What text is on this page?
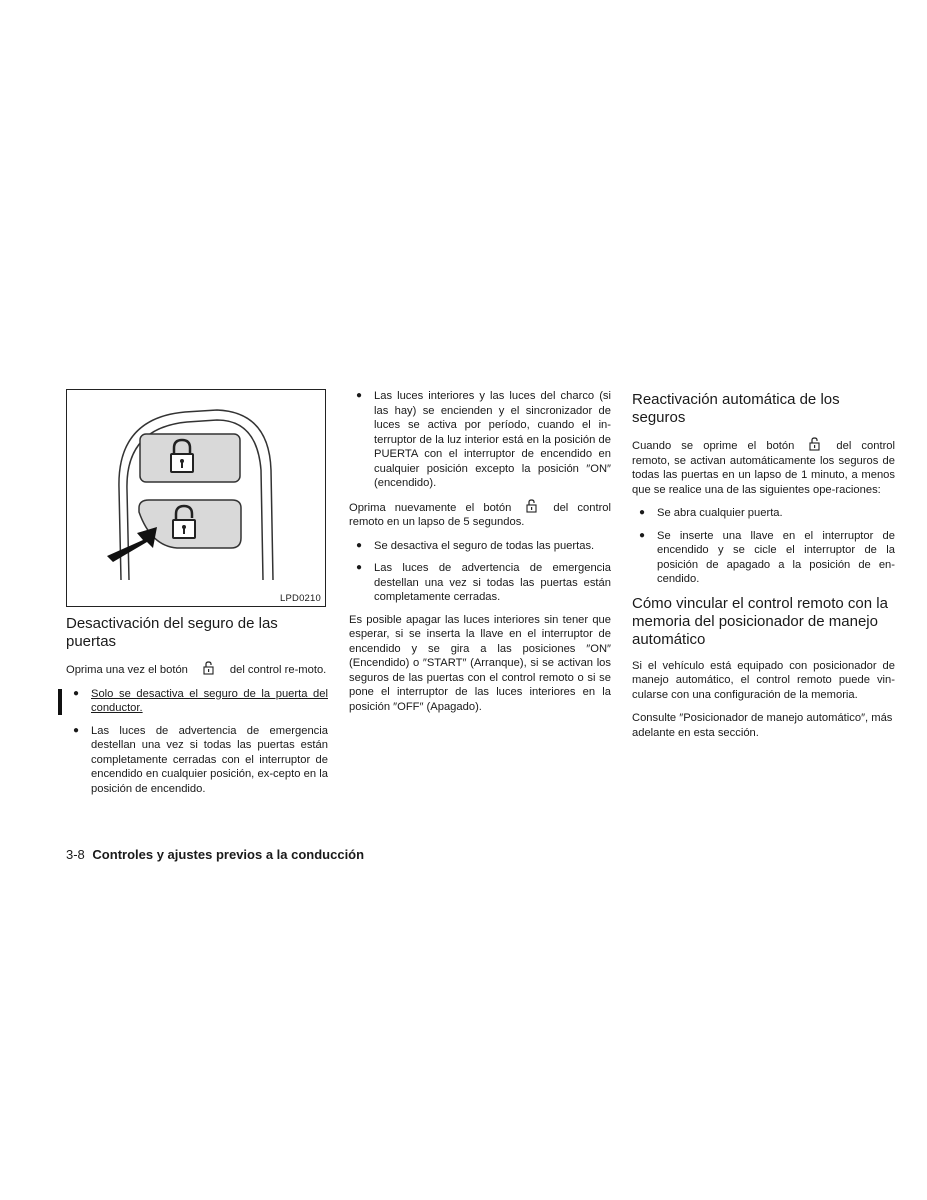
LPD0210
Desactivación del seguro de las puertas

Oprima una vez el botón	del control re-moto.

● Solo se desactiva el seguro de la puerta del conductor.
● Las luces de advertencia de emergencia destellan una vez si todas las puertas están completamente cerradas con el interruptor de encendido en cualquier posición, ex-cepto en la posición de encendido.
● Las luces interiores y las luces del charco (si las hay) se encienden y el sincronizador de luces se activa por período, cuando el in-terruptor de la luz interior está en la posición de PUERTA con el interruptor de encendido en cualquier posición excepto la posición ″ON″ (encendido).

Oprima nuevamente el botón	del control remoto en un lapso de 5 segundos.

● Se desactiva el seguro de todas las puertas.
● Las luces de advertencia de emergencia destellan una vez si todas las puertas están completamente cerradas.

Es posible apagar las luces interiores sin tener que esperar, si se inserta la llave en el interruptor de encendido y se gira a las posiciones ″ON″ (Encendido) o ″START″ (Arranque), si se activan los seguros de las puertas con el control remoto o si se pone el interruptor de las luces interiores en la posición ″OFF″ (Apagado).

Reactivación automática de los seguros

Cuando se oprime el botón	del control remoto, se activan automáticamente los seguros de todas las puertas en un lapso de 1 minuto, a menos que se realice una de las siguientes ope-raciones:

● Se abra cualquier puerta.
● Se inserte una llave en el interruptor de encendido y se cicle el interruptor de la posición de apagado a la posición de en-cendido.
Cómo vincular el control remoto con la memoria del posicionador de manejo automático

Si el vehículo está equipado con posicionador de manejo automático, el control remoto puede vin-cularse con una configuración de la memoria.

Consulte ″Posicionador de manejo automático″, más adelante en esta sección.

3-8 Controles y ajustes previos a la conducción
